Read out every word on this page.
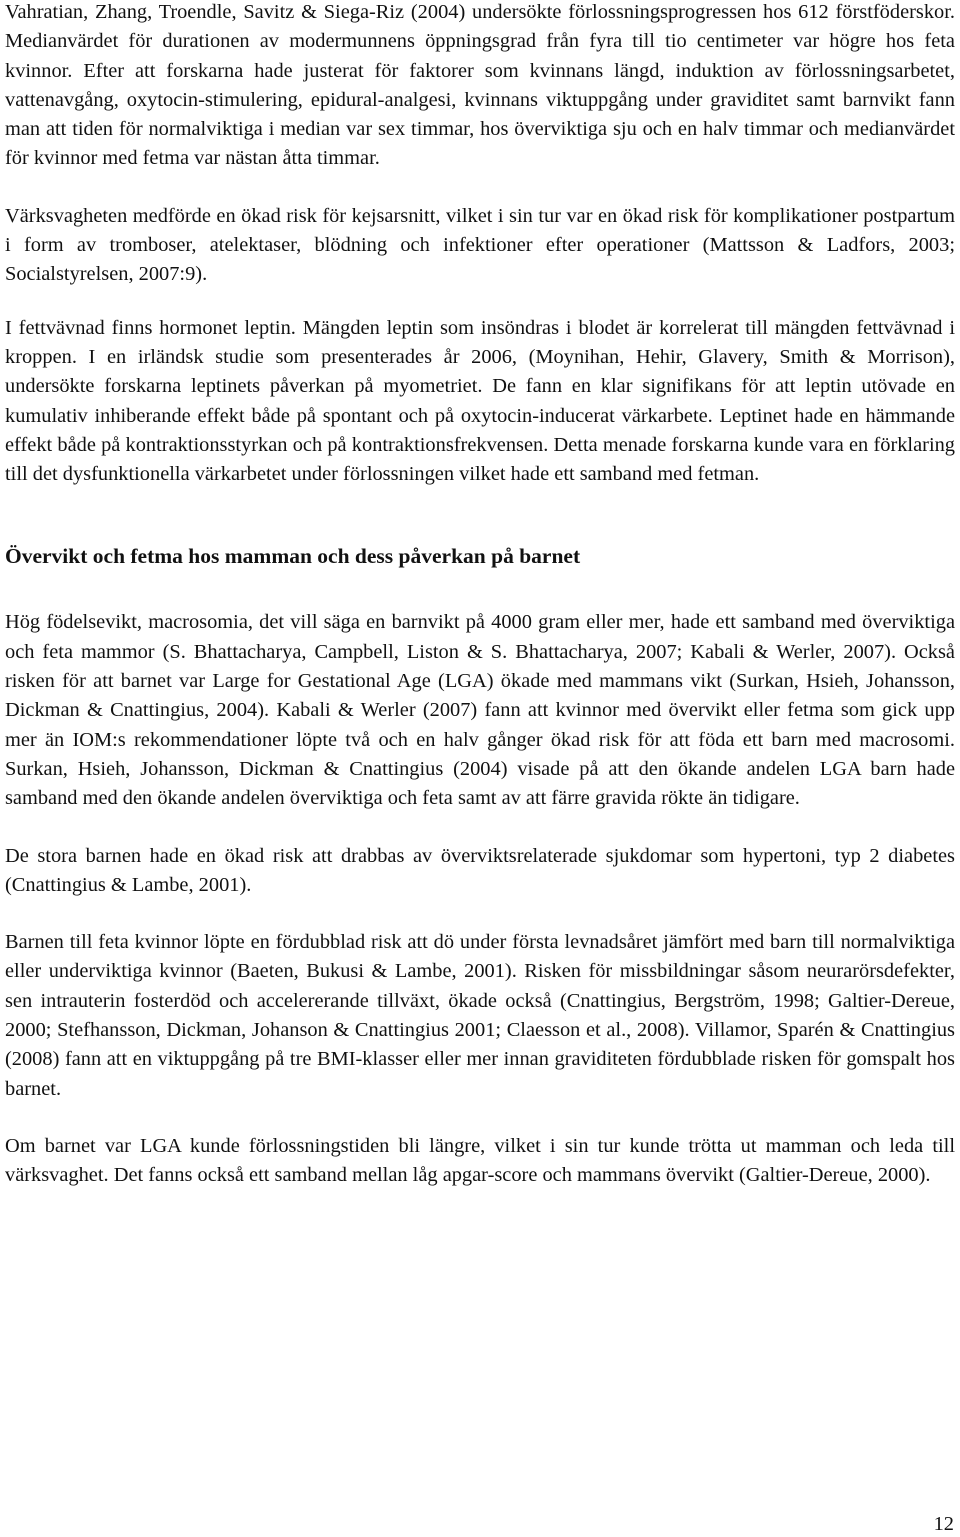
Vahratian, Zhang, Troendle, Savitz & Siega-Riz (2004) undersökte förlossningsprogressen hos 612 förstföderskor. Medianvärdet för durationen av modermunnens öppningsgrad från fyra till tio centimeter var högre hos feta kvinnor. Efter att forskarna hade justerat för faktorer som kvinnans längd, induktion av förlossningsarbetet, vattenavgång, oxytocin-stimulering, epidural-analgesi, kvinnans viktuppgång under graviditet samt barnvikt fann man att tiden för normalviktiga i median var sex timmar, hos överviktiga sju och en halv timmar och medianvärdet för kvinnor med fetma var nästan åtta timmar.

Värksvagheten medförde en ökad risk för kejsarsnitt, vilket i sin tur var en ökad risk för komplikationer postpartum i form av tromboser, atelektaser, blödning och infektioner efter operationer (Mattsson & Ladfors, 2003; Socialstyrelsen, 2007:9).

I fettvävnad finns hormonet leptin. Mängden leptin som insöndras i blodet är korrelerat till mängden fettvävnad i kroppen. I en irländsk studie som presenterades år 2006, (Moynihan, Hehir, Glavery, Smith & Morrison), undersökte forskarna leptinets påverkan på myometriet. De fann en klar signifikans för att leptin utövade en kumulativ inhiberande effekt både på spontant och på oxytocin-inducerat värkarbete. Leptinet hade en hämmande effekt både på kontraktionsstyrkan och på kontraktionsfrekvensen. Detta menade forskarna kunde vara en förklaring till det dysfunktionella värkarbetet under förlossningen vilket hade ett samband med fetman.

Övervikt och fetma hos mamman och dess påverkan på barnet

Hög födelsevikt, macrosomia, det vill säga en barnvikt på 4000 gram eller mer, hade ett samband med överviktiga och feta mammor (S. Bhattacharya, Campbell, Liston & S. Bhattacharya, 2007; Kabali & Werler, 2007). Också risken för att barnet var Large for Gestational Age (LGA) ökade med mammans vikt (Surkan, Hsieh, Johansson, Dickman & Cnattingius, 2004). Kabali & Werler (2007) fann att kvinnor med övervikt eller fetma som gick upp mer än IOM:s rekommendationer löpte två och en halv gånger ökad risk för att föda ett barn med macrosomi. Surkan, Hsieh, Johansson, Dickman & Cnattingius (2004) visade på att den ökande andelen LGA barn hade samband med den ökande andelen överviktiga och feta samt av att färre gravida rökte än tidigare.

De stora barnen hade en ökad risk att drabbas av överviktsrelaterade sjukdomar som hypertoni, typ 2 diabetes (Cnattingius & Lambe, 2001).

Barnen till feta kvinnor löpte en fördubblad risk att dö under första levnadsåret jämfört med barn till normalviktiga eller underviktiga kvinnor (Baeten, Bukusi & Lambe, 2001). Risken för missbildningar såsom neurarörsdefekter, sen intrauterin fosterdöd och accelererande tillväxt, ökade också (Cnattingius, Bergström, 1998; Galtier-Dereue, 2000; Stefhansson, Dickman, Johanson & Cnattingius 2001; Claesson et al., 2008). Villamor, Sparén & Cnattingius (2008) fann att en viktuppgång på tre BMI-klasser eller mer innan graviditeten fördubblade risken för gomspalt hos barnet.

Om barnet var LGA kunde förlossningstiden bli längre, vilket i sin tur kunde trötta ut mamman och leda till värksvaghet. Det fanns också ett samband mellan låg apgar-score och mammans övervikt (Galtier-Dereue, 2000).

12
